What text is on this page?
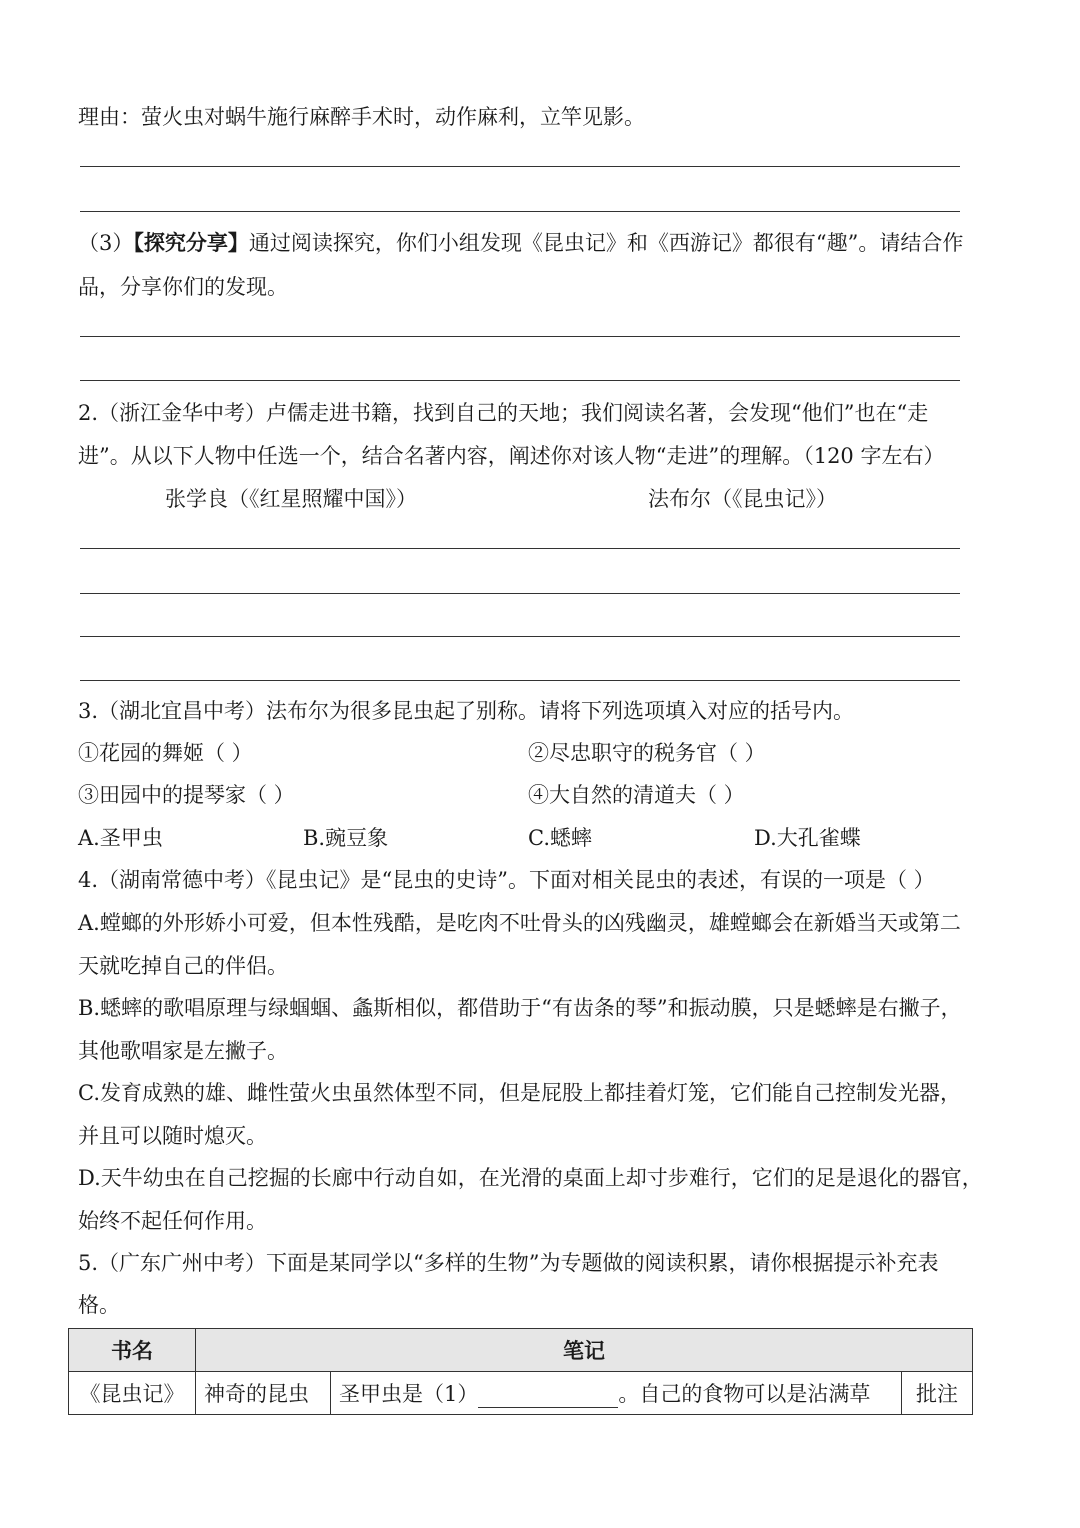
理由：萤火虫对蜗牛施行麻醉手术时，动作麻利，立竿见影。
（3）【探究分享】通过阅读探究，你们小组发现《昆虫记》和《西游记》都很有“趣”。请结合作
品，分享你们的发现。
2.（浙江金华中考）卢儒走进书籍，找到自己的天地；我们阅读名著，会发现“他们”也在“走
进”。从以下人物中任选一个，结合名著内容，阐述你对该人物“走进”的理解。（120 字左右）
张学良（《红星照耀中国》）	法布尔（《昆虫记》）
3.（湖北宜昌中考）法布尔为很多昆虫起了别称。请将下列选项填入对应的括号内。
①花园的舞姬（ ）	②尽忠职守的税务官（ ）
③田园中的提琴家（ ）	④大自然的清道夫（ ）
A.圣甲虫	B.豌豆象	C.蟋蟀	D.大孔雀蝶
4.（湖南常德中考）《昆虫记》是“昆虫的史诗”。下面对相关昆虫的表述，有误的一项是（ ）
A.螳螂的外形娇小可爱，但本性残酷，是吃肉不吐骨头的凶残幽灵，雄螳螂会在新婚当天或第二
天就吃掉自己的伴侣。
B.蟋蟀的歌唱原理与绿蝈蝈、螽斯相似，都借助于“有齿条的琴”和振动膜，只是蟋蟀是右撇子，
其他歌唱家是左撇子。
C.发育成熟的雄、雌性萤火虫虽然体型不同，但是屁股上都挂着灯笼，它们能自己控制发光器，
并且可以随时熄灭。
D.天牛幼虫在自己挖掘的长廊中行动自如，在光滑的桌面上却寸步难行，它们的足是退化的器官，
始终不起任何作用。
5.（广东广州中考）下面是某同学以“多样的生物”为专题做的阅读积累，请你根据提示补充表
格。
书名	笔记		
《昆虫记》	神奇的昆虫	圣甲虫是（1） 。自己的食物可以是沾满草	批注
